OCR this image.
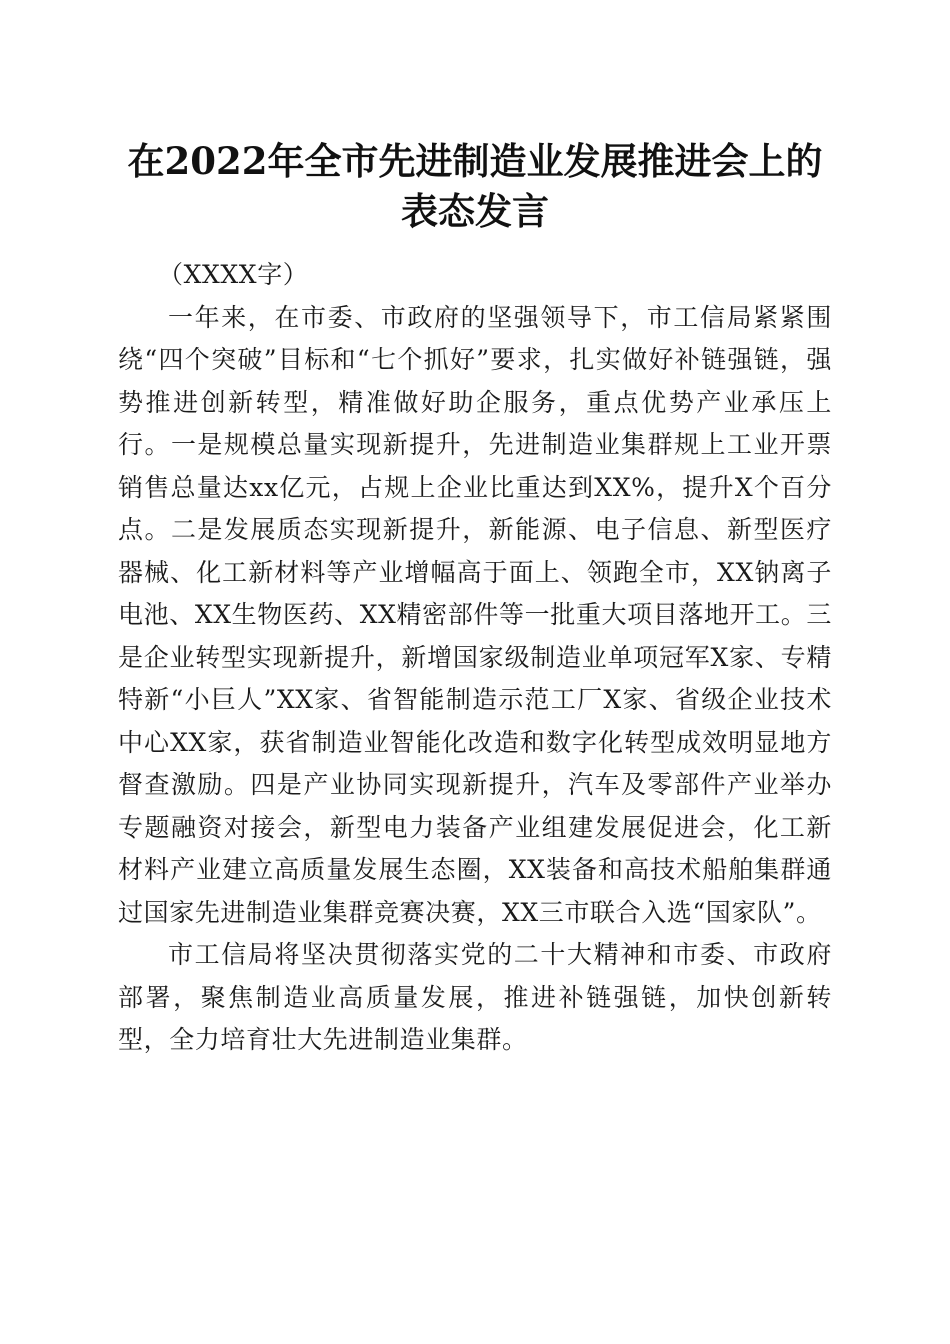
在2022年全市先进制造业发展推进会上的表态发言

（XXXX字）

一年来，在市委、市政府的坚强领导下，市工信局紧紧围绕“四个突破”目标和“七个抓好”要求，扎实做好补链强链，强势推进创新转型，精准做好助企服务，重点优势产业承压上行。一是规模总量实现新提升，先进制造业集群规上工业开票销售总量达xx亿元，占规上企业比重达到XX%，提升X个百分点。二是发展质态实现新提升，新能源、电子信息、新型医疗器械、化工新材料等产业增幅高于面上、领跑全市，XX钠离子电池、XX生物医药、XX精密部件等一批重大项目落地开工。三是企业转型实现新提升，新增国家级制造业单项冠军X家、专精特新“小巨人”XX家、省智能制造示范工厂X家、省级企业技术中心XX家，获省制造业智能化改造和数字化转型成效明显地方督查激励。四是产业协同实现新提升，汽车及零部件产业举办专题融资对接会，新型电力装备产业组建发展促进会，化工新材料产业建立高质量发展生态圈，XX装备和高技术船舶集群通过国家先进制造业集群竞赛决赛，XX三市联合入选“国家队”。

市工信局将坚决贯彻落实党的二十大精神和市委、市政府部署，聚焦制造业高质量发展，推进补链强链，加快创新转型，全力培育壮大先进制造业集群。
